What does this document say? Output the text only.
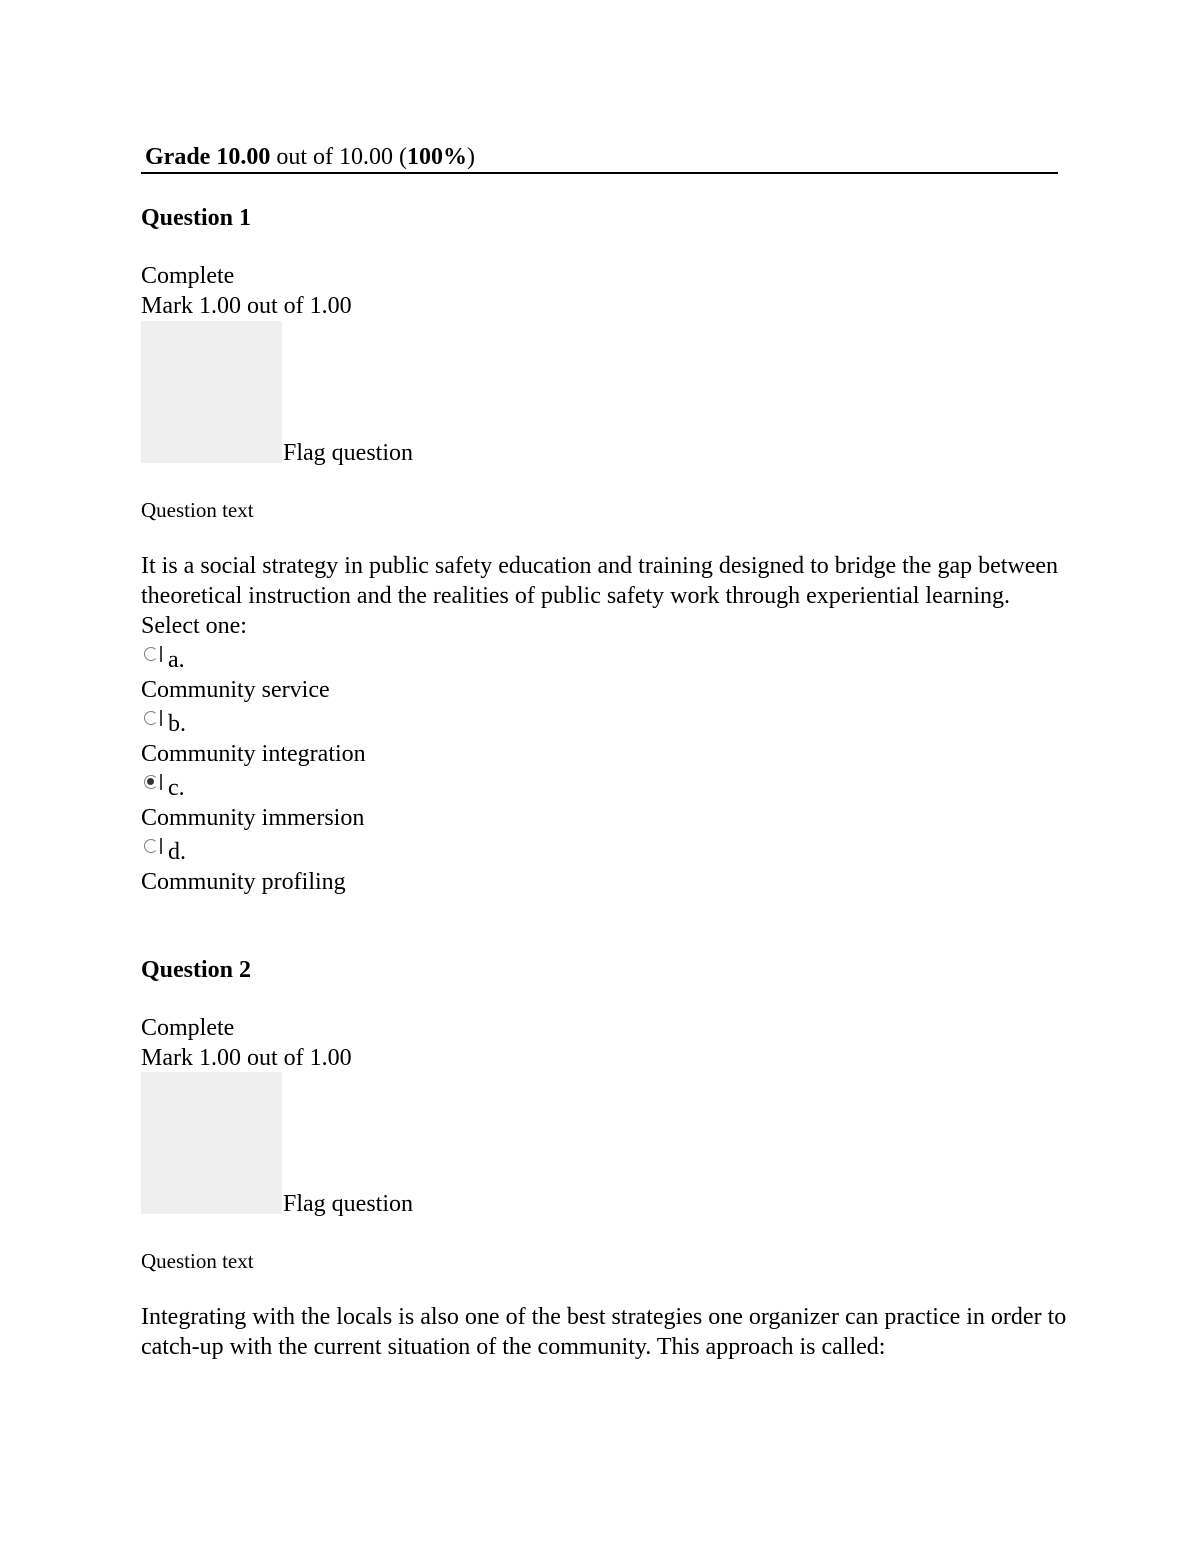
Grade 10.00 out of 10.00 (100%)
Question 1
Complete
Mark 1.00 out of 1.00
Flag question
Question text
It is a social strategy in public safety education and training designed to bridge the gap between theoretical instruction and the realities of public safety work through experiential learning.
Select one:
a.
Community service
b.
Community integration
c.
Community immersion
d.
Community profiling
Question 2
Complete
Mark 1.00 out of 1.00
Flag question
Question text
Integrating with the locals is also one of the best strategies one organizer can practice in order to catch-up with the current situation of the community. This approach is called:
